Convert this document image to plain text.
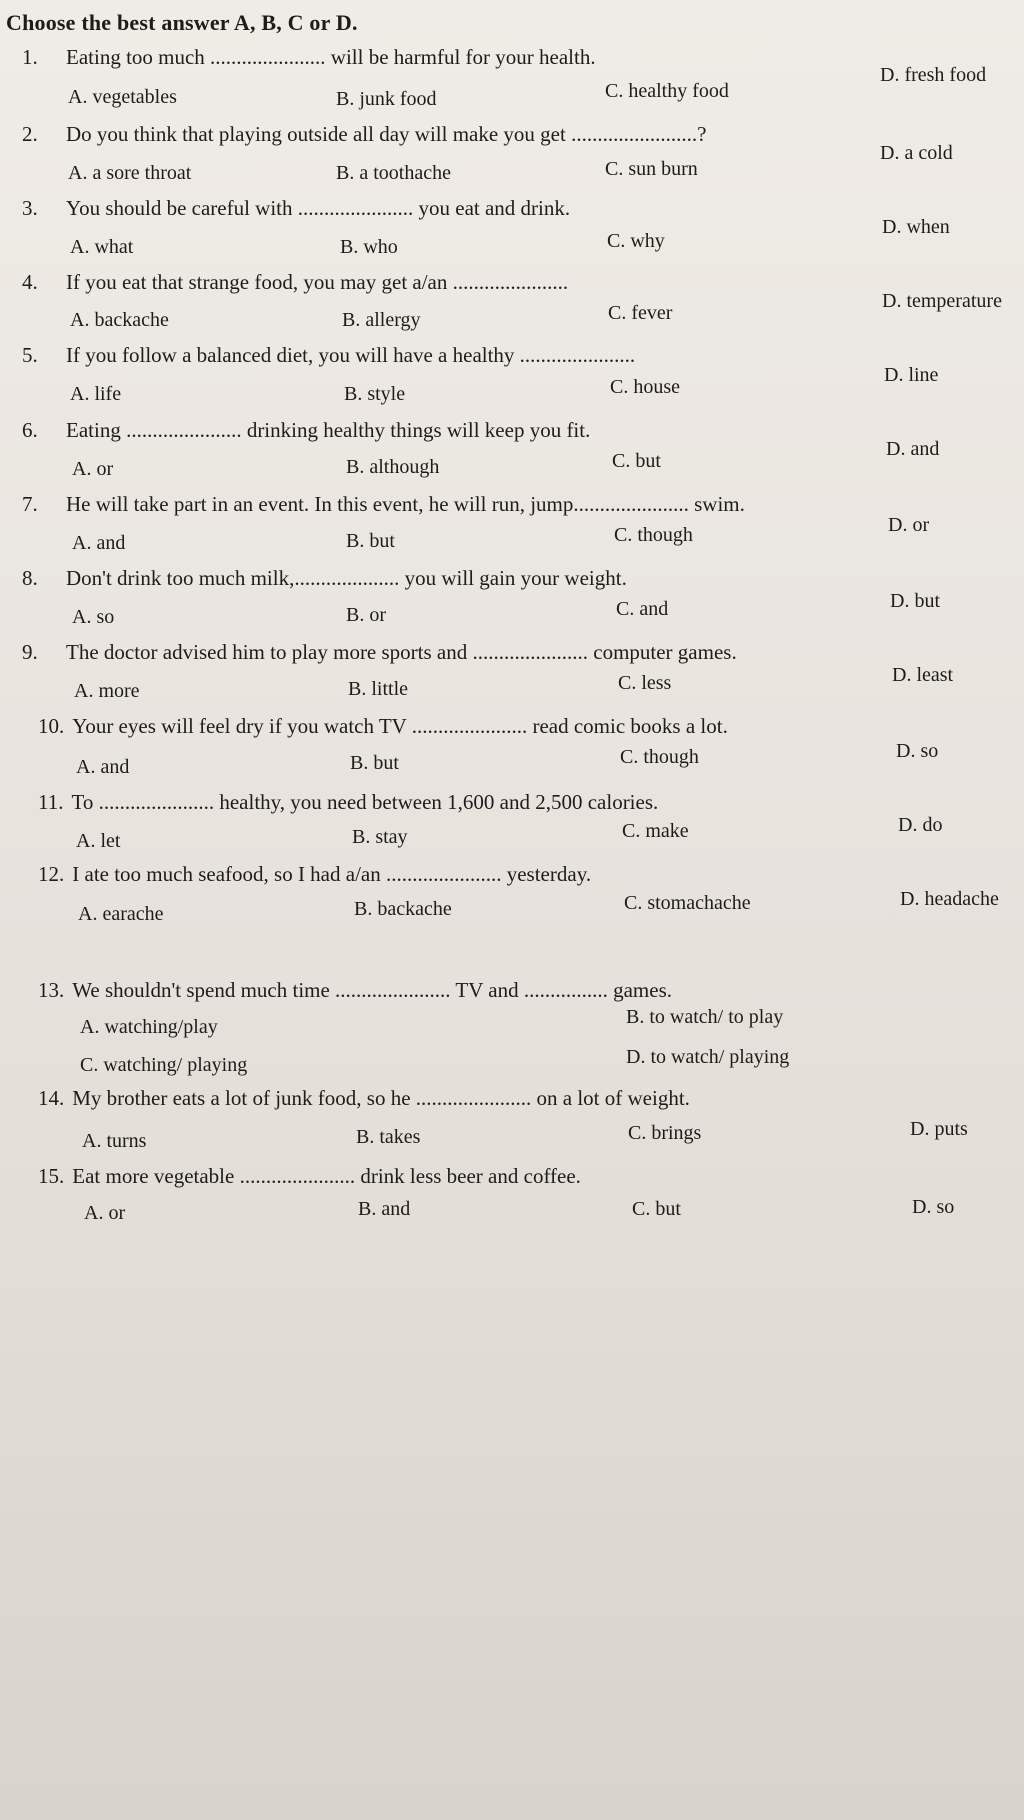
Choose the best answer A, B, C or D.
1. Eating too much ...................... will be harmful for your health.
A. vegetables	B. junk food	C. healthy food
D. fresh food
2. Do you think that playing outside all day will make you get ........................?
A. a sore throat	B. a toothache	C. sun burn
D. a cold
3. You should be careful with ...................... you eat and drink.
A. what	B. who	C. why
D. when
4. If you eat that strange food, you may get a/an ......................
A. backache	B. allergy	C. fever
D. temperature
5. If you follow a balanced diet, you will have a healthy ......................
A. life	B. style	C. house
D. line
6. Eating ...................... drinking healthy things will keep you fit.
A. or	B. although	C. but
D. and
7. He will take part in an event. In this event, he will run, jump...................... swim.
A. and	B. but	C. though	D. or
8. Don't drink too much milk,.................... you will gain your weight.
A. so	B. or	C. and	D. but
9. The doctor advised him to play more sports and ...................... computer games.
A. more	B. little	C. less	D. least
10. Your eyes will feel dry if you watch TV ...................... read comic books a lot.
A. and	B. but	C. though	D. so
11. To ...................... healthy, you need between 1,600 and 2,500 calories.
A. let	B. stay	C. make	D. do
12. I ate too much seafood, so I had a/an ...................... yesterday.
A. earache	B. backache	C. stomachache	D. headache
13. We shouldn't spend much time ...................... TV and ................ games.
A. watching/play	B. to watch/ to play
C. watching/ playing	D. to watch/ playing
14. My brother eats a lot of junk food, so he ...................... on a lot of weight.
A. turns	B. takes	C. brings	D. puts
15. Eat more vegetable ...................... drink less beer and coffee.
A. or	B. and	C. but	D. so
